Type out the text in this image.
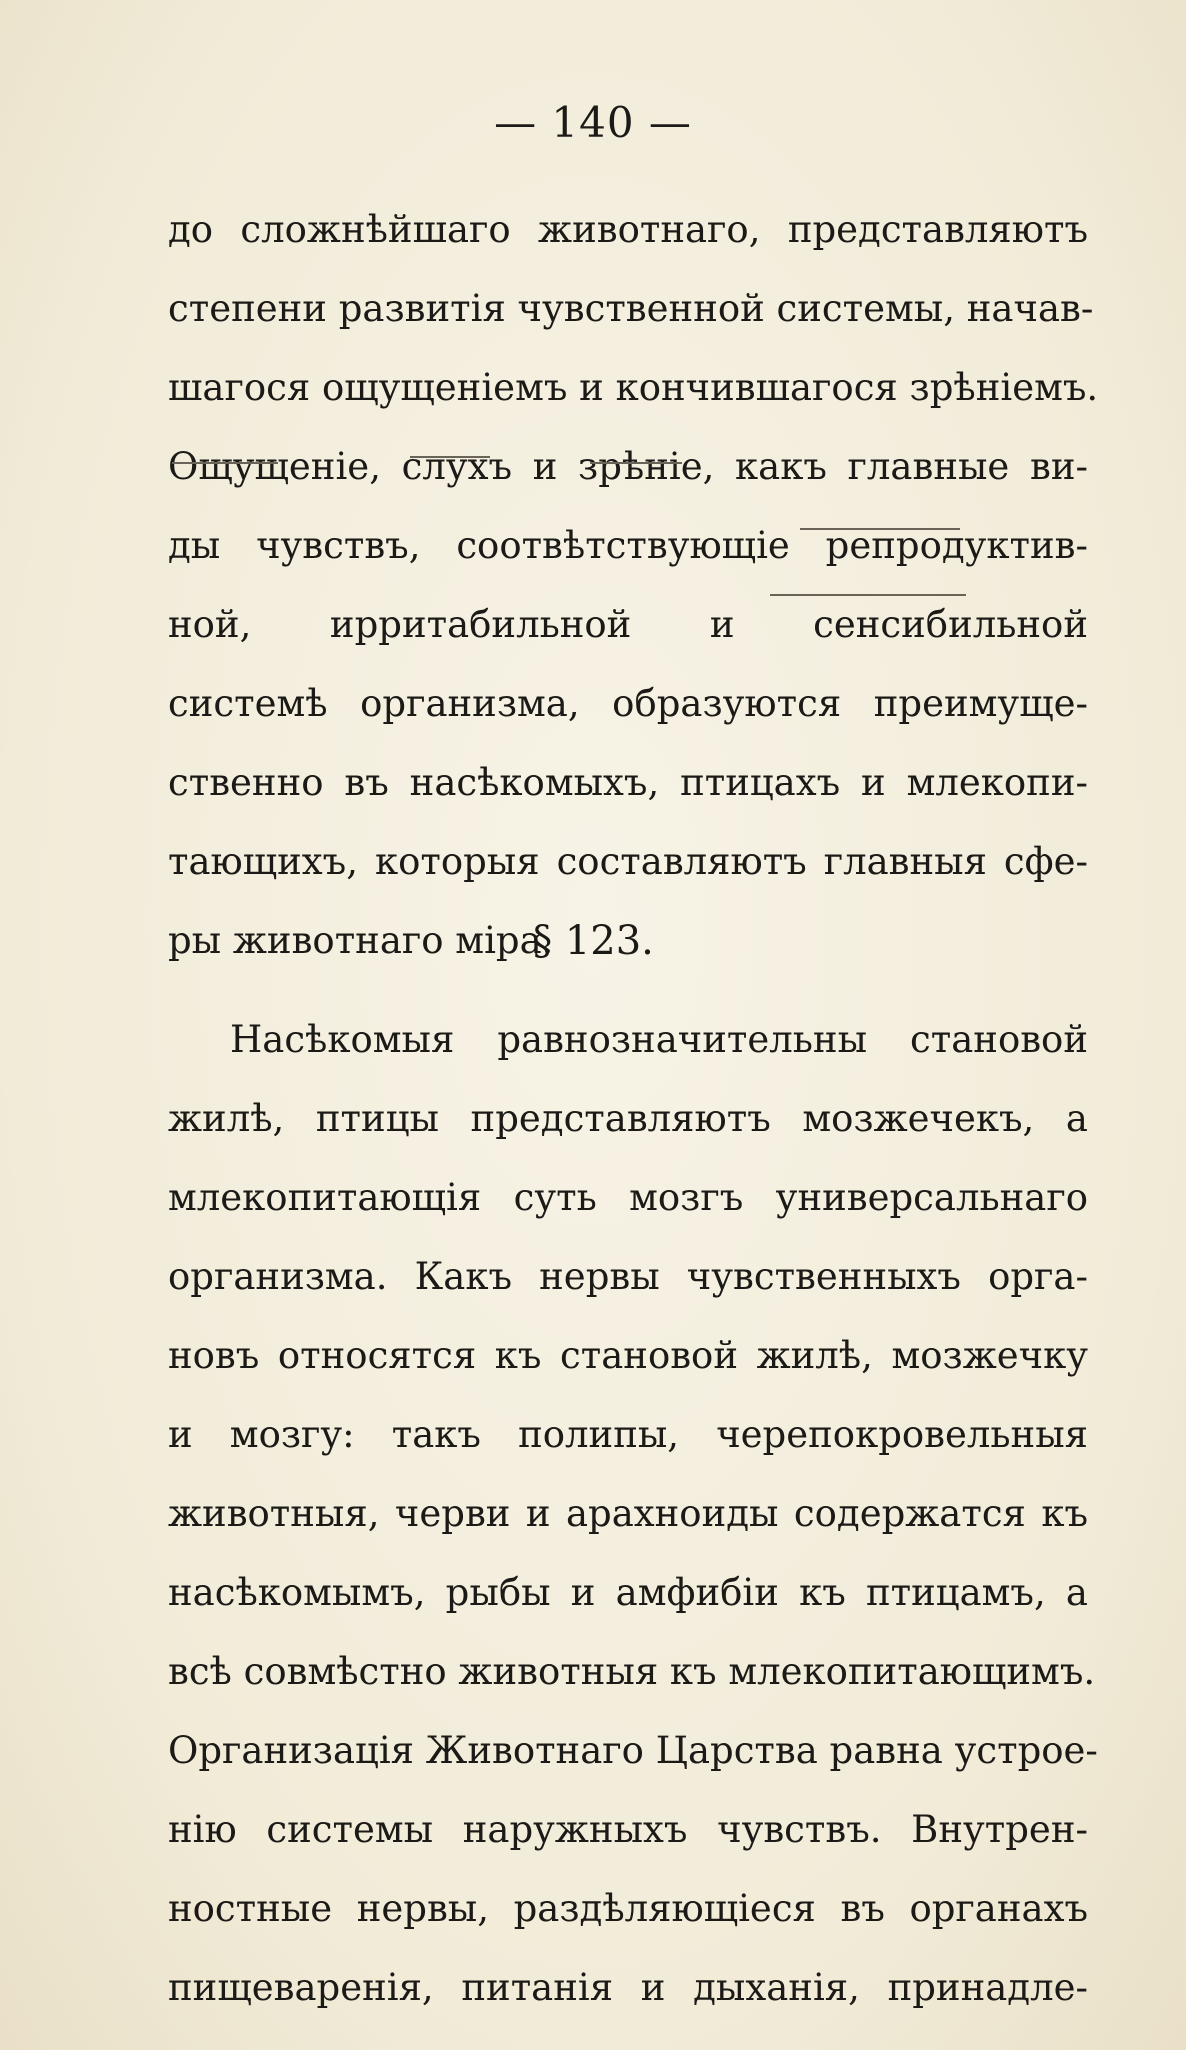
— 140 —
до сложнѣйшаго животнаго, представляютъ
степени развитія чувственной системы, начав-
шагося ощущеніемъ и кончившагося зрѣніемъ.
Ощущеніе, слухъ и зрѣніе, какъ главные ви-
ды чувствъ, соотвѣтствующіе репродуктив-
ной, ирритабильной и сенсибильной
системѣ организма, образуются преимуще-
ственно въ насѣкомыхъ, птицахъ и млекопи-
тающихъ, которыя составляютъ главныя сфе-
ры животнаго міра.
§ 123.
Насѣкомыя равнозначительны становой
жилѣ, птицы представляютъ мозжечекъ, а
млекопитающія суть мозгъ универсальнаго
организма. Какъ нервы чувственныхъ орга-
новъ относятся къ становой жилѣ, мозжечку
и мозгу: такъ полипы, черепокровельныя
животныя, черви и арахноиды содержатся къ
насѣкомымъ, рыбы и амфибіи къ птицамъ, а
всѣ совмѣстно животныя къ млекопитающимъ.
Организація Животнаго Царства равна устрое-
нію системы наружныхъ чувствъ. Внутрен-
ностные нервы, раздѣляющіеся въ органахъ
пищеваренія, питанія и дыханія, принадле-
